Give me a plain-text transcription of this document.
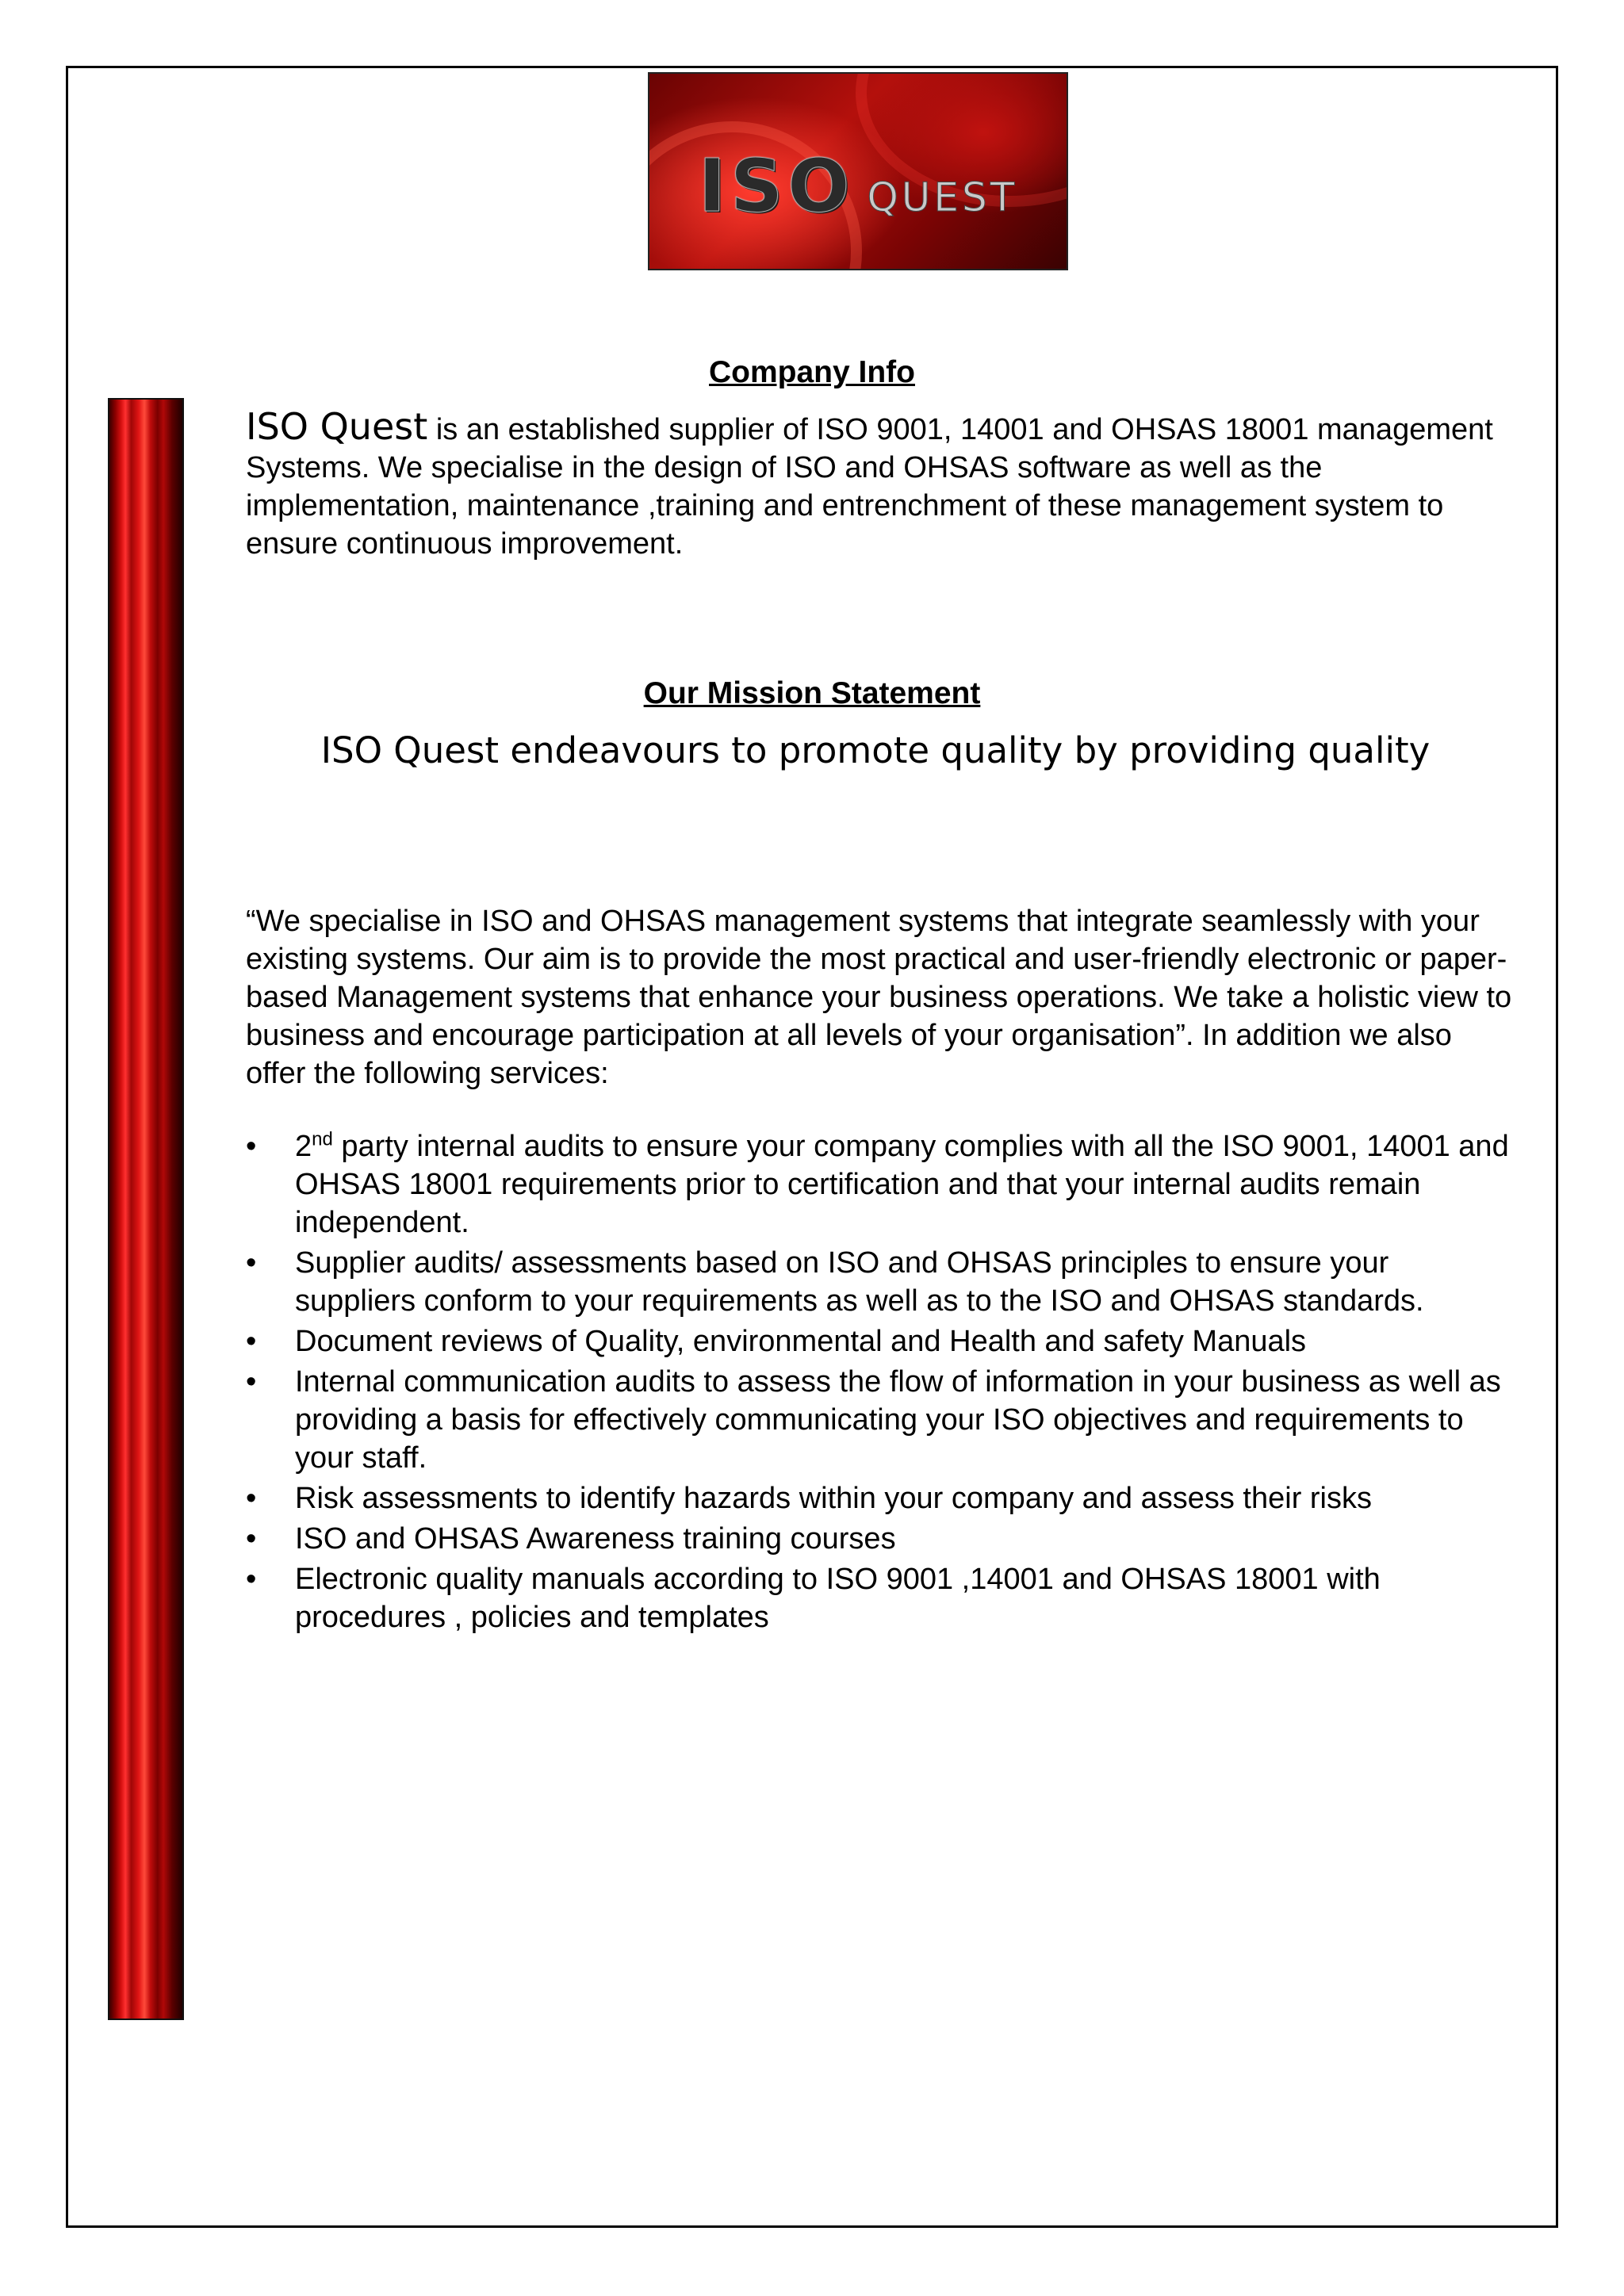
ISO QUEST
Company Info
ISO Quest is an established supplier of ISO 9001, 14001 and OHSAS 18001 management Systems. We specialise in the design of ISO and OHSAS software as well as the implementation, maintenance ,training and entrenchment of these management system to ensure continuous improvement.
Our Mission Statement
ISO Quest endeavours to promote quality by providing quality
“We specialise in ISO and OHSAS management systems that integrate seamlessly with your existing systems. Our aim is to provide the most practical and user-friendly electronic or paper-based Management systems that enhance your business operations. We take a holistic view to business and encourage participation at all levels of your organisation”. In addition we also offer the following services:
• 2nd party internal audits to ensure your company complies with all the ISO 9001, 14001 and OHSAS 18001 requirements prior to certification and that your internal audits remain independent.
• Supplier audits/ assessments based on ISO and OHSAS principles to ensure your suppliers conform to your requirements as well as to the ISO and OHSAS standards.
• Document reviews of Quality, environmental and Health and safety Manuals
• Internal communication audits to assess the flow of information in your business as well as providing a basis for effectively communicating your ISO objectives and requirements to your staff.
• Risk assessments to identify hazards within your company and assess their risks
• ISO and OHSAS Awareness training courses
• Electronic quality manuals according to ISO 9001 ,14001 and OHSAS 18001 with procedures , policies and templates
